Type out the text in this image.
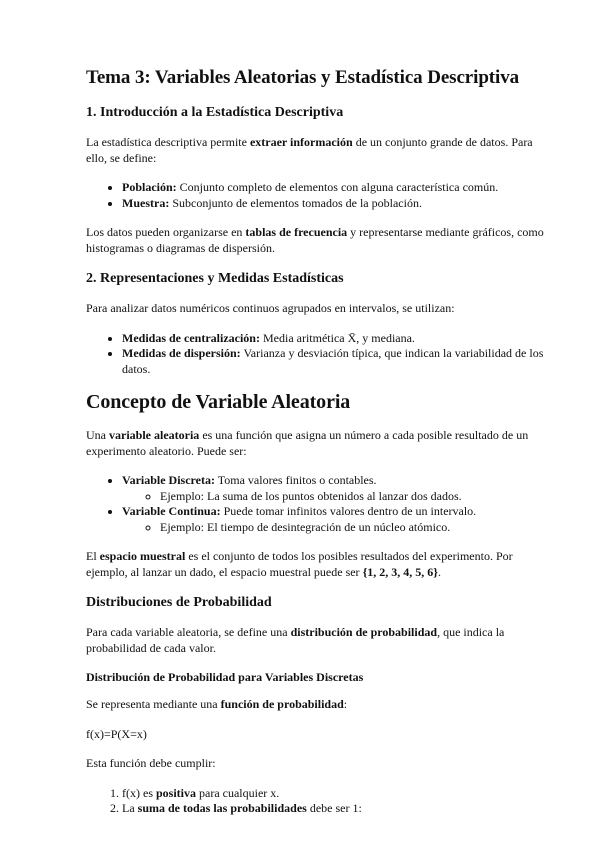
Tema 3: Variables Aleatorias y Estadística Descriptiva
1. Introducción a la Estadística Descriptiva

La estadística descriptiva permite extraer información de un conjunto grande de datos. Para ello, se define:

• Población: Conjunto completo de elementos con alguna característica común.
• Muestra: Subconjunto de elementos tomados de la población.

Los datos pueden organizarse en tablas de frecuencia y representarse mediante gráficos, como histogramas o diagramas de dispersión.

2. Representaciones y Medidas Estadísticas

Para analizar datos numéricos continuos agrupados en intervalos, se utilizan:

• Medidas de centralización: Media aritmética X̄, y mediana.
• Medidas de dispersión: Varianza y desviación típica, que indican la variabilidad de los datos.
Concepto de Variable Aleatoria

Una variable aleatoria es una función que asigna un número a cada posible resultado de un experimento aleatorio. Puede ser:

• Variable Discreta: Toma valores finitos o contables.
◦ Ejemplo: La suma de los puntos obtenidos al lanzar dos dados.
• Variable Continua: Puede tomar infinitos valores dentro de un intervalo.
◦ Ejemplo: El tiempo de desintegración de un núcleo atómico.

El espacio muestral es el conjunto de todos los posibles resultados del experimento. Por ejemplo, al lanzar un dado, el espacio muestral puede ser {1, 2, 3, 4, 5, 6}.

Distribuciones de Probabilidad

Para cada variable aleatoria, se define una distribución de probabilidad, que indica la probabilidad de cada valor.

Distribución de Probabilidad para Variables Discretas

Se representa mediante una función de probabilidad:

f(x)=P(X=x)

Esta función debe cumplir:

1. f(x) es positiva para cualquier x.
2. La suma de todas las probabilidades debe ser 1:
